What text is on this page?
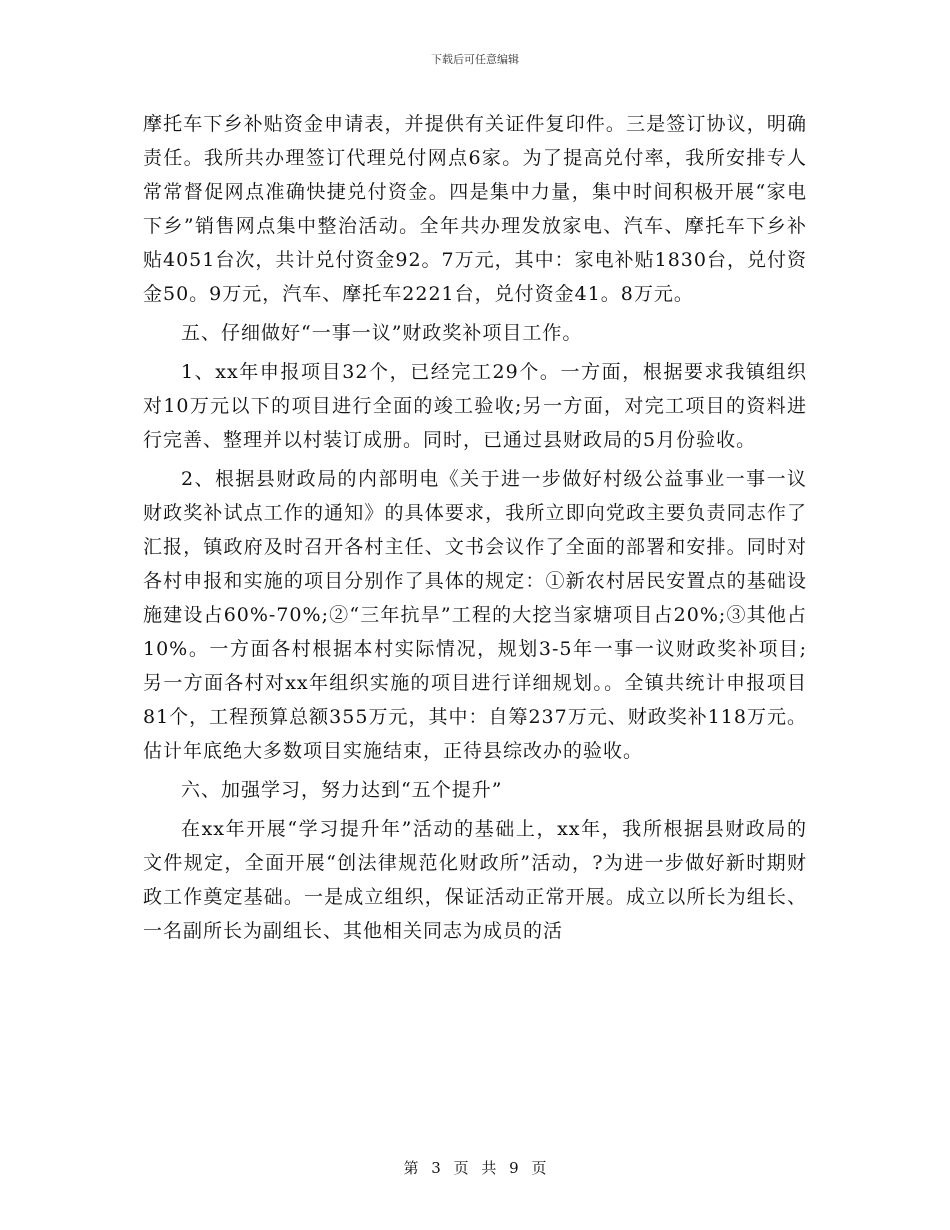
下载后可任意编辑

摩托车下乡补贴资金申请表，并提供有关证件复印件。三是签订协议，明确责任。我所共办理签订代理兑付网点6家。为了提高兑付率，我所安排专人常常督促网点准确快捷兑付资金。四是集中力量，集中时间积极开展“家电下乡”销售网点集中整治活动。全年共办理发放家电、汽车、摩托车下乡补贴4051台次，共计兑付资金92。7万元，其中：家电补贴1830台，兑付资金50。9万元，汽车、摩托车2221台，兑付资金41。8万元。

五、仔细做好“一事一议”财政奖补项目工作。

1、xx年申报项目32个，已经完工29个。一方面，根据要求我镇组织对10万元以下的项目进行全面的竣工验收;另一方面，对完工项目的资料进行完善、整理并以村装订成册。同时，已通过县财政局的5月份验收。

2、根据县财政局的内部明电《关于进一步做好村级公益事业一事一议财政奖补试点工作的通知》的具体要求，我所立即向党政主要负责同志作了汇报，镇政府及时召开各村主任、文书会议作了全面的部署和安排。同时对各村申报和实施的项目分别作了具体的规定：①新农村居民安置点的基础设施建设占60%-70%;②“三年抗旱”工程的大挖当家塘项目占20%;③其他占10%。一方面各村根据本村实际情况，规划3-5年一事一议财政奖补项目;另一方面各村对xx年组织实施的项目进行详细规划。。全镇共统计申报项目81个，工程预算总额355万元，其中：自筹237万元、财政奖补118万元。估计年底绝大多数项目实施结束，正待县综改办的验收。

六、加强学习，努力达到“五个提升”

在xx年开展“学习提升年”活动的基础上，xx年，我所根据县财政局的文件规定，全面开展“创法律规范化财政所”活动，?为进一步做好新时期财政工作奠定基础。一是成立组织，保证活动正常开展。成立以所长为组长、一名副所长为副组长、其他相关同志为成员的活

第 3 页 共 9 页
